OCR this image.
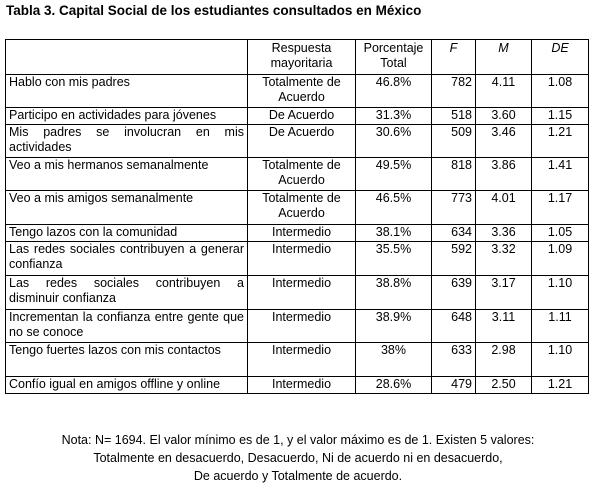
Tabla 3. Capital Social de los estudiantes consultados en México
	Respuesta mayoritaria	Porcentaje Total	F	M	DE
Hablo con mis padres	Totalmente de Acuerdo	46.8%	782	4.11	1.08
Participo en actividades para jóvenes	De Acuerdo	31.3%	518	3.60	1.15
Mis padres se involucran en mis actividades	De Acuerdo	30.6%	509	3.46	1.21
Veo a mis hermanos semanalmente	Totalmente de Acuerdo	49.5%	818	3.86	1.41
Veo a mis amigos semanalmente	Totalmente de Acuerdo	46.5%	773	4.01	1.17
Tengo lazos con la comunidad	Intermedio	38.1%	634	3.36	1.05
Las redes sociales contribuyen a generar confianza	Intermedio	35.5%	592	3.32	1.09
Las redes sociales contribuyen a disminuir confianza	Intermedio	38.8%	639	3.17	1.10
Incrementan la confianza entre gente que no se conoce	Intermedio	38.9%	648	3.11	1.11
Tengo fuertes lazos con mis contactos	Intermedio	38%	633	2.98	1.10
Confío igual en amigos offline y online	Intermedio	28.6%	479	2.50	1.21
Nota: N= 1694. El valor mínimo es de 1, y el valor máximo es de 1. Existen 5 valores:
Totalmente en desacuerdo, Desacuerdo, Ni de acuerdo ni en desacuerdo,
De acuerdo y Totalmente de acuerdo.
